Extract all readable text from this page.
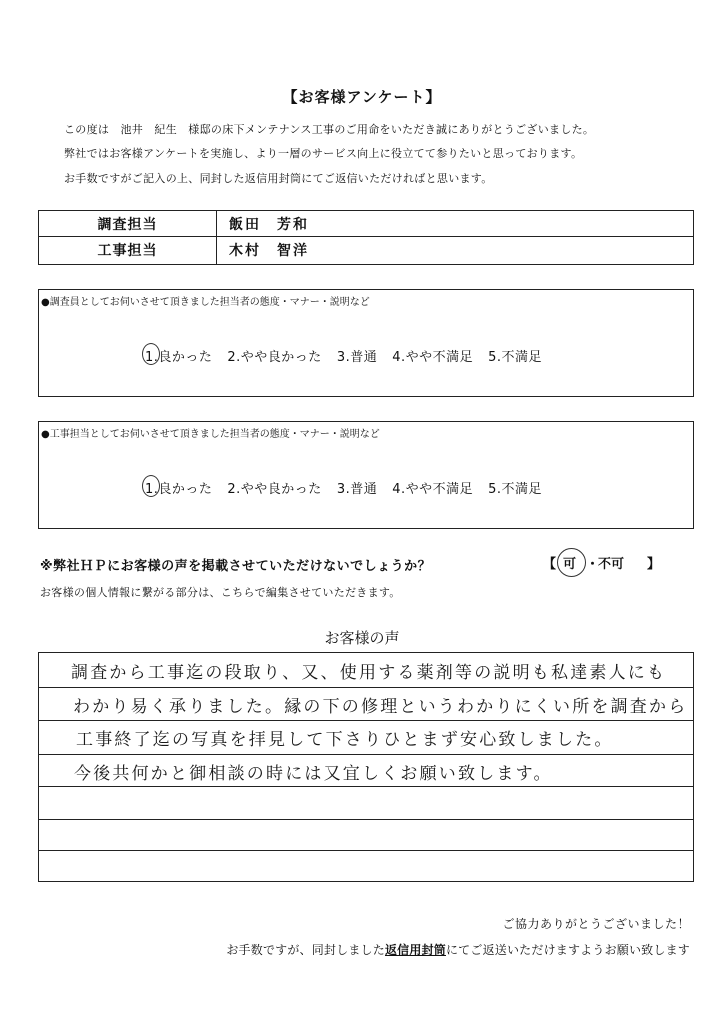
【お客様アンケート】
この度は　池井　紀生　様邸の床下メンテナンス工事のご用命をいただき誠にありがとうございました。
弊社ではお客様アンケートを実施し、より一層のサービス向上に役立てて参りたいと思っております。
お手数ですがご記入の上、同封した返信用封筒にてご返信いただければと思います。
調査担当	飯田　芳和
工事担当	木村　智洋
●調査員としてお伺いさせて頂きました担当者の態度・マナー・説明など
1.良かった 2.やや良かった 3.普通 4.やや不満足 5.不満足
●工事担当としてお伺いさせて頂きました担当者の態度・マナー・説明など
1.良かった 2.やや良かった 3.普通 4.やや不満足 5.不満足
※弊社ＨＰにお客様の声を掲載させていただけないでしょうか？	【 可 ・
不可 】
お客様の個人情報に繋がる部分は、こちらで編集させていただきます。
お客様の声
調査から工事迄の段取り、又、使用する薬剤等の説明も私達素人にも
わかり易く承りました。縁の下の修理というわかりにくい所を調査から
工事終了迄の写真を拝見して下さりひとまず安心致しました。
今後共何かと御相談の時には又宜しくお願い致します。
ご協力ありがとうございました！
お手数ですが、同封しました返信用封筒にてご返送いただけますようお願い致します
